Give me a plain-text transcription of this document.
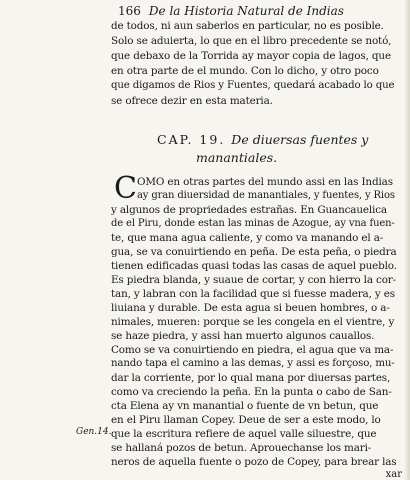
166 De la Historia Natural de Indias
de todos, ni aun saberlos en particular, no es posible.
Solo se aduierta, lo que en el libro precedente se notó,
que debaxo de la Torrida ay mayor copia de lagos, que
en otra parte de el mundo. Con lo dicho, y otro poco
que digamos de Rios y Fuentes, quedará acabado lo que
se ofrece dezir en esta materia.
CAP. 19. De diuersas fuentes y
manantiales.
C OMO en otras partes del mundo assi en las Indias
ay gran diuersidad de manantiales, y fuentes, y Rios
y algunos de propriedades estrañas. En Guancauelica
de el Piru, donde estan las minas de Azogue, ay vna fuen-
te, que mana agua caliente, y como va manando el a-
gua, se va conuirtiendo en peña. De esta peña, o piedra
tienen edificadas quasi todas las casas de aquel pueblo.
Es piedra blanda, y suaue de cortar, y con hierro la cor-
tan, y labran con la facilidad que si fuesse madera, y es
liuiana y durable. De esta agua si beuen hombres, o a-
nimales, mueren: porque se les congela en el vientre, y
se haze piedra, y assi han muerto algunos cauallos.
Como se va conuirtiendo en piedra, el agua que va ma-
nando tapa el camino a las demas, y assi es forçoso, mu-
dar la corriente, por lo qual mana por diuersas partes,
como va creciendo la peña. En la punta o cabo de San-
cta Elena ay vn manantial o fuente de vn betun, que
en el Piru llaman Copey. Deue de ser a este modo, lo
que la escritura refiere de aquel valle siluestre, que
se hallaná pozos de betun. Aprouechanse los mari-
neros de aquella fuente o pozo de Copey, para brear las
Gen.14.
xar
